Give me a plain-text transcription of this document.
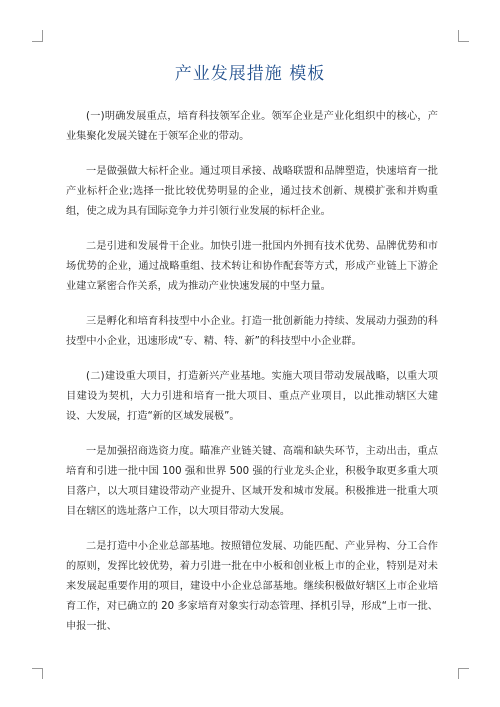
产业发展措施 模板

(一)明确发展重点，培育科技领军企业。领军企业是产业化组织中的核心，产业集聚化发展关键在于领军企业的带动。

一是做强做大标杆企业。通过项目承接、战略联盟和品牌塑造，快速培育一批产业标杆企业;选择一批比较优势明显的企业，通过技术创新、规模扩张和并购重组，使之成为具有国际竞争力并引领行业发展的标杆企业。

二是引进和发展骨干企业。加快引进一批国内外拥有技术优势、品牌优势和市场优势的企业，通过战略重组、技术转让和协作配套等方式，形成产业链上下游企业建立紧密合作关系，成为推动产业快速发展的中坚力量。

三是孵化和培育科技型中小企业。打造一批创新能力持续、发展动力强劲的科技型中小企业，迅速形成“专、精、特、新”的科技型中小企业群。

(二)建设重大项目，打造新兴产业基地。实施大项目带动发展战略，以重大项目建设为契机，大力引进和培育一批大项目、重点产业项目，以此推动辖区大建设、大发展，打造“新的区域发展极”。

一是加强招商选资力度。瞄准产业链关键、高端和缺失环节，主动出击，重点培育和引进一批中国 100 强和世界 500 强的行业龙头企业，积极争取更多重大项目落户，以大项目建设带动产业提升、区域开发和城市发展。积极推进一批重大项目在辖区的选址落户工作，以大项目带动大发展。

二是打造中小企业总部基地。按照错位发展、功能匹配、产业异构、分工合作的原则，发挥比较优势，着力引进一批在中小板和创业板上市的企业，特别是对未来发展起重要作用的项目，建设中小企业总部基地。继续积极做好辖区上市企业培育工作，对已确立的 20 多家培育对象实行动态管理、择机引导，形成“上市一批、申报一批、
